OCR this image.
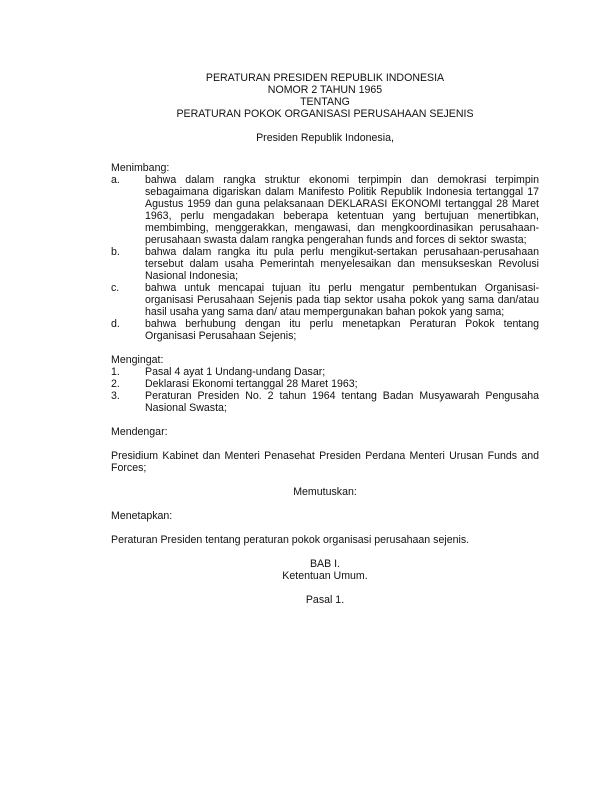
PERATURAN PRESIDEN REPUBLIK INDONESIA

NOMOR 2 TAHUN 1965

TENTANG

PERATURAN POKOK ORGANISASI PERUSAHAAN SEJENIS

Presiden Republik Indonesia,

Menimbang:

a.	bahwa dalam rangka struktur ekonomi terpimpin dan demokrasi terpimpin sebagaimana digariskan dalam Manifesto Politik Republik Indonesia tertanggal 17 Agustus 1959 dan guna pelaksanaan DEKLARASI EKONOMI tertanggal 28 Maret 1963, perlu mengadakan beberapa ketentuan yang bertujuan menertibkan, membimbing, menggerakkan, mengawasi, dan mengkoordinasikan perusahaan-perusahaan swasta dalam rangka pengerahan funds and forces di sektor swasta;
b.	bahwa dalam rangka itu pula perlu mengikut-sertakan perusahaan-perusahaan tersebut dalam usaha Pemerintah menyelesaikan dan mensukseskan Revolusi Nasional Indonesia;
c.	bahwa untuk mencapai tujuan itu perlu mengatur pembentukan Organisasi-organisasi Perusahaan Sejenis pada tiap sektor usaha pokok yang sama dan/atau hasil usaha yang sama dan/ atau mempergunakan bahan pokok yang sama;
d.	bahwa berhubung dengan itu perlu menetapkan Peraturan Pokok tentang Organisasi Perusahaan Sejenis;

Mengingat:

1.	Pasal 4 ayat 1 Undang-undang Dasar;
2.	Deklarasi Ekonomi tertanggal 28 Maret 1963;
3.	Peraturan Presiden No. 2 tahun 1964 tentang Badan Musyawarah Pengusaha Nasional Swasta;

Mendengar:

Presidium Kabinet dan Menteri Penasehat Presiden Perdana Menteri Urusan Funds and Forces;

Memutuskan:

Menetapkan:

Peraturan Presiden tentang peraturan pokok organisasi perusahaan sejenis.

BAB I.

Ketentuan Umum.

Pasal 1.
